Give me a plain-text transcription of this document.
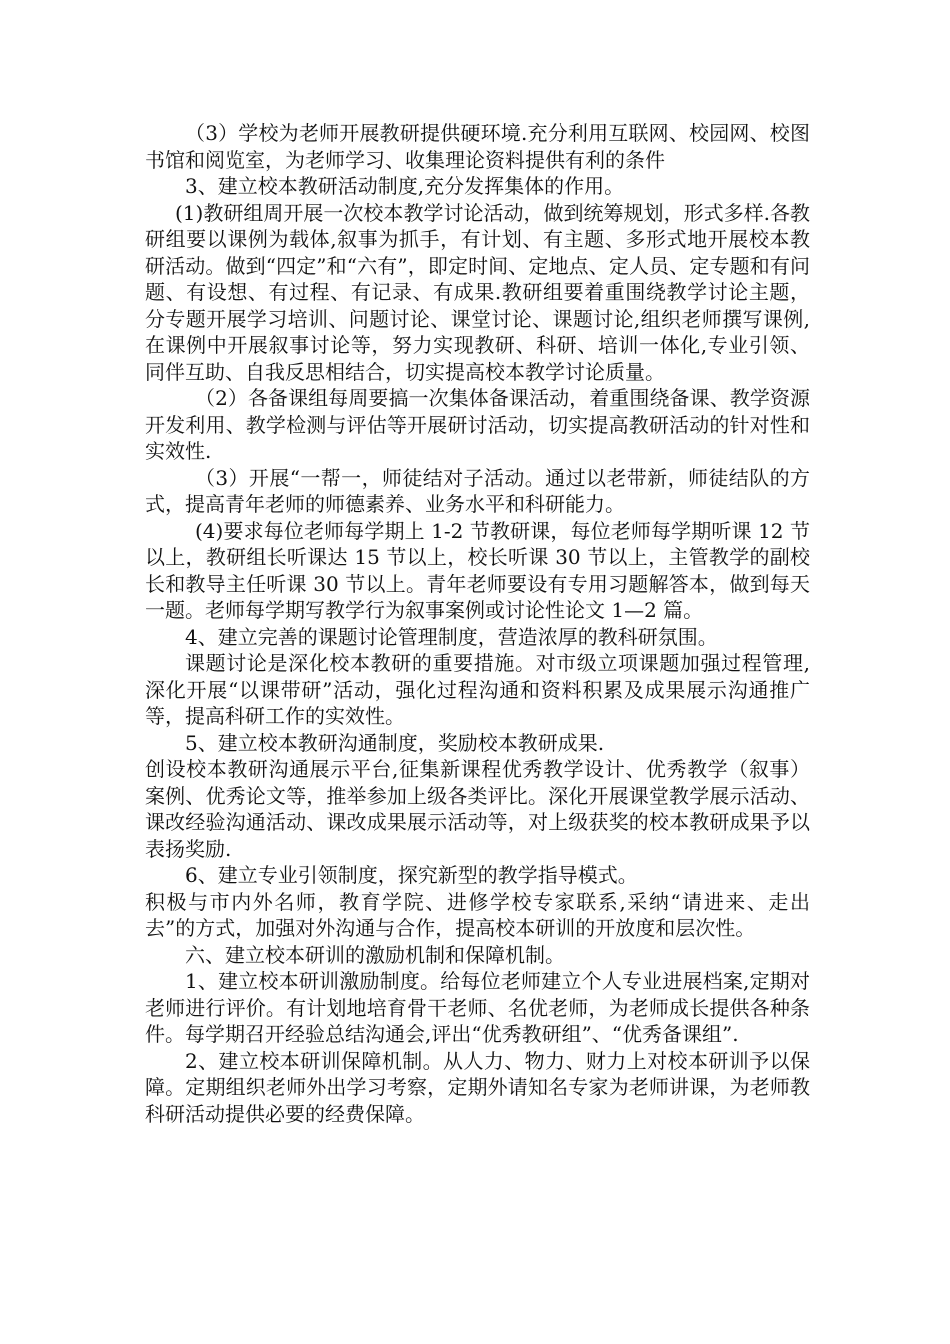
（3）学校为老师开展教研提供硬环境.充分利用互联网、校园网、校图书馆和阅览室，为老师学习、收集理论资料提供有利的条件

3、建立校本教研活动制度,充分发挥集体的作用。

(1)教研组周开展一次校本教学讨论活动，做到统筹规划，形式多样.各教研组要以课例为载体,叙事为抓手，有计划、有主题、多形式地开展校本教研活动。做到“四定”和“六有”，即定时间、定地点、定人员、定专题和有问题、有设想、有过程、有记录、有成果.教研组要着重围绕教学讨论主题，分专题开展学习培训、问题讨论、课堂讨论、课题讨论,组织老师撰写课例,在课例中开展叙事讨论等，努力实现教研、科研、培训一体化,专业引领、同伴互助、自我反思相结合，切实提高校本教学讨论质量。

（2）各备课组每周要搞一次集体备课活动，着重围绕备课、教学资源开发利用、教学检测与评估等开展研讨活动，切实提高教研活动的针对性和实效性.

（3）开展“一帮一，师徒结对子活动。通过以老带新，师徒结队的方式，提高青年老师的师德素养、业务水平和科研能力。

(4)要求每位老师每学期上 1-2 节教研课，每位老师每学期听课 12 节以上，教研组长听课达 15 节以上，校长听课 30 节以上，主管教学的副校长和教导主任听课 30 节以上。青年老师要设有专用习题解答本，做到每天一题。老师每学期写教学行为叙事案例或讨论性论文 1—2 篇。

4、建立完善的课题讨论管理制度，营造浓厚的教科研氛围。

课题讨论是深化校本教研的重要措施。对市级立项课题加强过程管理,深化开展“以课带研”活动，强化过程沟通和资料积累及成果展示沟通推广等，提高科研工作的实效性。

5、建立校本教研沟通制度，奖励校本教研成果.

创设校本教研沟通展示平台,征集新课程优秀教学设计、优秀教学（叙事）案例、优秀论文等，推举参加上级各类评比。深化开展课堂教学展示活动、课改经验沟通活动、课改成果展示活动等，对上级获奖的校本教研成果予以表扬奖励.

6、建立专业引领制度，探究新型的教学指导模式。

积极与市内外名师，教育学院、进修学校专家联系,采纳“请进来、走出去”的方式，加强对外沟通与合作，提高校本研训的开放度和层次性。

六、建立校本研训的激励机制和保障机制。

1、建立校本研训激励制度。给每位老师建立个人专业进展档案,定期对老师进行评价。有计划地培育骨干老师、名优老师，为老师成长提供各种条件。每学期召开经验总结沟通会,评出“优秀教研组”、“优秀备课组”.

2、建立校本研训保障机制。从人力、物力、财力上对校本研训予以保障。定期组织老师外出学习考察，定期外请知名专家为老师讲课，为老师教科研活动提供必要的经费保障。
